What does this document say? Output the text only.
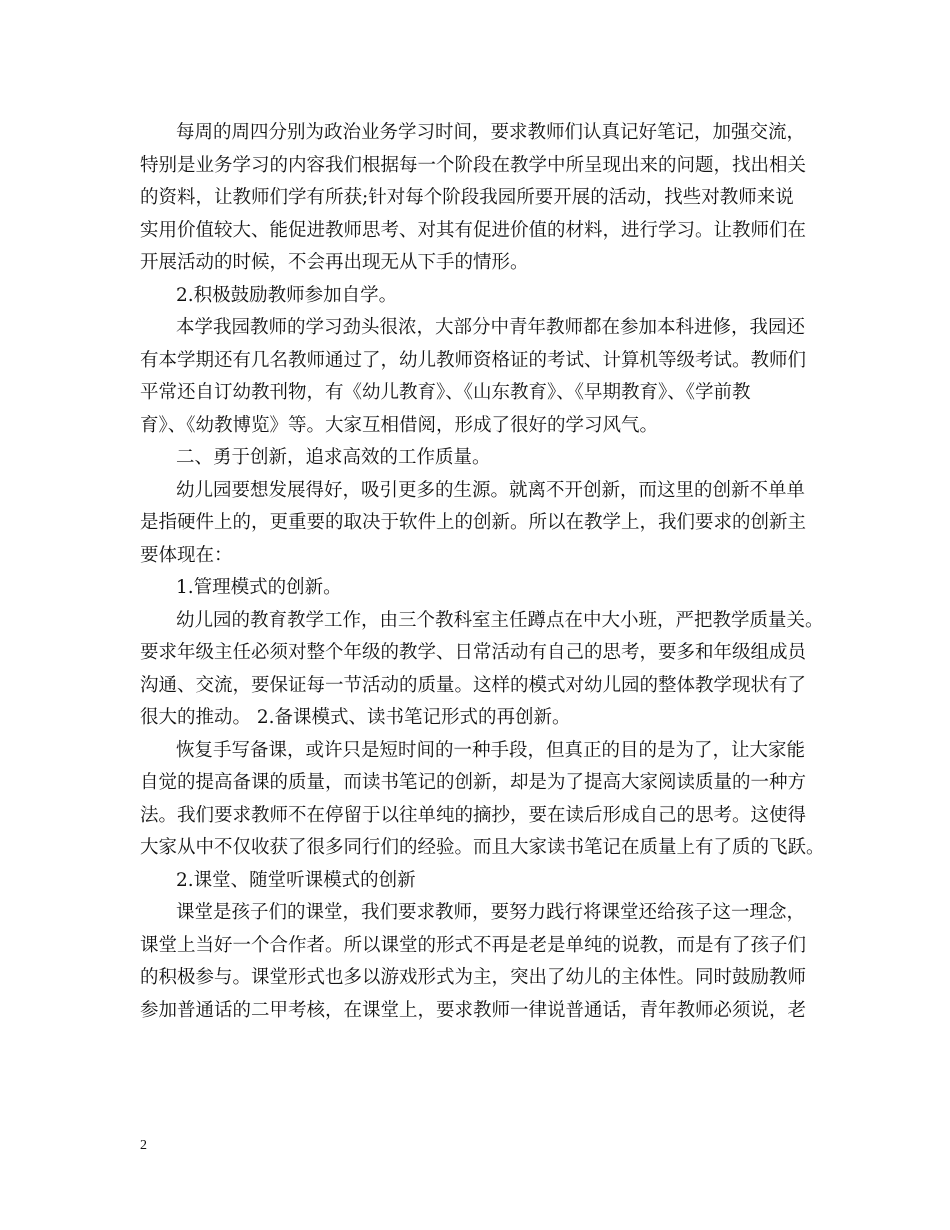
每周的周四分别为政治业务学习时间，要求教师们认真记好笔记，加强交流，
特别是业务学习的内容我们根据每一个阶段在教学中所呈现出来的问题，找出相关
的资料，让教师们学有所获;针对每个阶段我园所要开展的活动，找些对教师来说
实用价值较大、能促进教师思考、对其有促进价值的材料，进行学习。让教师们在
开展活动的时候，不会再出现无从下手的情形。
2.积极鼓励教师参加自学。
本学我园教师的学习劲头很浓，大部分中青年教师都在参加本科进修，我园还
有本学期还有几名教师通过了，幼儿教师资格证的考试、计算机等级考试。教师们
平常还自订幼教刊物，有《幼儿教育》、《山东教育》、《早期教育》、《学前教
育》、《幼教博览》等。大家互相借阅，形成了很好的学习风气。
二、勇于创新，追求高效的工作质量。
幼儿园要想发展得好，吸引更多的生源。就离不开创新，而这里的创新不单单
是指硬件上的，更重要的取决于软件上的创新。所以在教学上，我们要求的创新主
要体现在：
1.管理模式的创新。
幼儿园的教育教学工作，由三个教科室主任蹲点在中大小班，严把教学质量关。
要求年级主任必须对整个年级的教学、日常活动有自己的思考，要多和年级组成员
沟通、交流，要保证每一节活动的质量。这样的模式对幼儿园的整体教学现状有了
很大的推动。 2.备课模式、读书笔记形式的再创新。
恢复手写备课，或许只是短时间的一种手段，但真正的目的是为了，让大家能
自觉的提高备课的质量，而读书笔记的创新，却是为了提高大家阅读质量的一种方
法。我们要求教师不在停留于以往单纯的摘抄，要在读后形成自己的思考。这使得
大家从中不仅收获了很多同行们的经验。而且大家读书笔记在质量上有了质的飞跃。
2.课堂、随堂听课模式的创新
课堂是孩子们的课堂，我们要求教师，要努力践行将课堂还给孩子这一理念，
课堂上当好一个合作者。所以课堂的形式不再是老是单纯的说教，而是有了孩子们
的积极参与。课堂形式也多以游戏形式为主，突出了幼儿的主体性。同时鼓励教师
参加普通话的二甲考核，在课堂上，要求教师一律说普通话，青年教师必须说，老
2
